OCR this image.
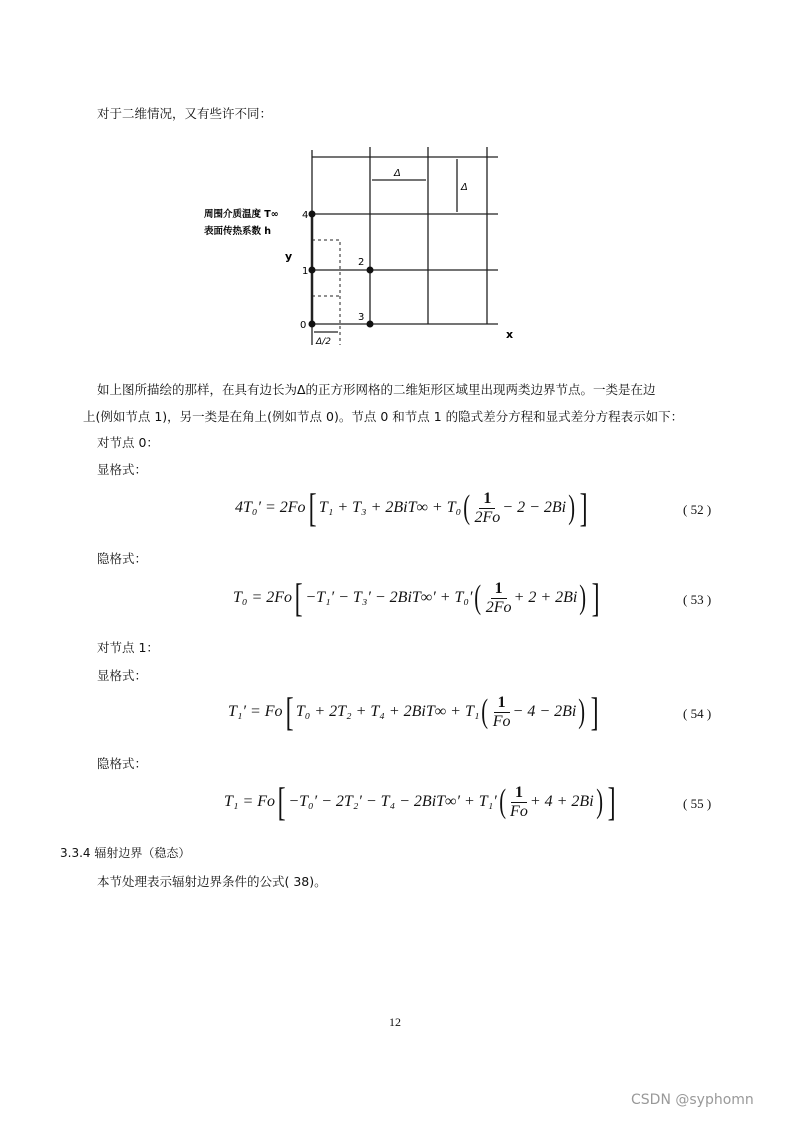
对于二维情况，又有些许不同：
周围介质温度 T∞
表面传热系数 h
4
1
0
2
3
Δ
Δ
Δ/2
y
x
如上图所描绘的那样，在具有边长为Δ的正方形网格的二维矩形区域里出现两类边界节点。一类是在边
上(例如节点 1)，另一类是在角上(例如节点 0)。节点 0 和节点 1 的隐式差分方程和显式差分方程表示如下：
对节点 0：
显格式：
4T₀′ = 2Fo [ T₁ + T₃ + 2BiT∞ + T₀ ( $\frac{1}{2Fo} - 2 - 2Bi$ ) ]	( 52 )
隐格式：
T₀ = 2Fo [ −T₁′ − T₃′ − 2BiT∞′ + T₀′ ( $\frac{1}{2Fo} + 2 + 2Bi$ ) ]	( 53 )
对节点 1：
显格式：
T₁′ = Fo [ T₀ + 2T₂ + T₄ + 2BiT∞ + T₁ ( $\frac{1}{Fo} - 4 - 2Bi$ ) ]	( 54 )
隐格式：
T₁ = Fo [ −T₀′ − 2T₂′ − T₄ − 2BiT∞′ + T₁′ ( $\frac{1}{Fo} + 4 + 2Bi$ ) ]	( 55 )
3.3.4 辐射边界（稳态）
本节处理表示辐射边界条件的公式( 38)。
12
CSDN @syphomn
